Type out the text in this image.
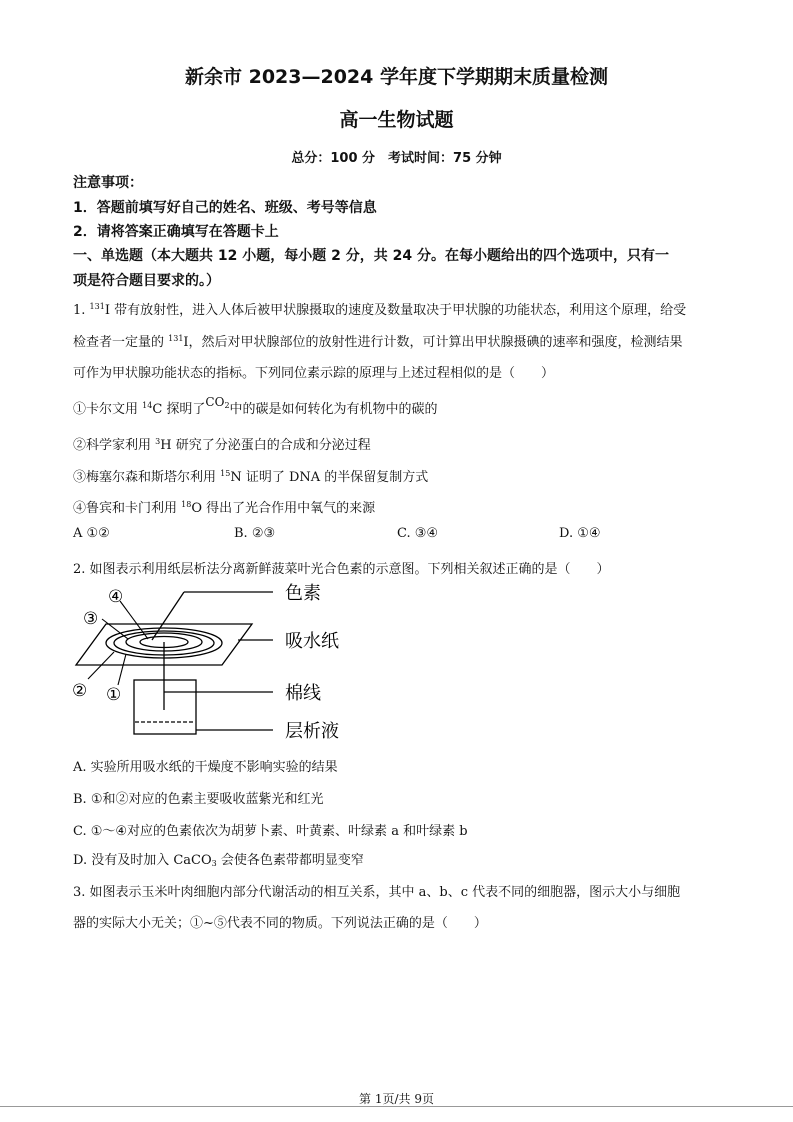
新余市 2023—2024 学年度下学期期末质量检测
高一生物试题
总分：100 分　考试时间：75 分钟
注意事项：
1．答题前填写好自己的姓名、班级、考号等信息
2．请将答案正确填写在答题卡上
一、单选题（本大题共 12 小题，每小题 2 分，共 24 分。在每小题给出的四个选项中，只有一
项是符合题目要求的。）
1. $^{131}$I 带有放射性，进入人体后被甲状腺摄取的速度及数量取决于甲状腺的功能状态，利用这个原理，给受
检查者一定量的 $^{131}$I，然后对甲状腺部位的放射性进行计数，可计算出甲状腺摄碘的速率和强度，检测结果
可作为甲状腺功能状态的指标。下列同位素示踪的原理与上述过程相似的是（　　）
①卡尔文用 $^{14}$C 探明了$CO_2$中的碳是如何转化为有机物中的碳的
②科学家利用 $^3$H 研究了分泌蛋白的合成和分泌过程
③梅塞尔森和斯塔尔利用 $^{15}$N 证明了 DNA 的半保留复制方式
④鲁宾和卡门利用 $^{18}$O 得出了光合作用中氧气的来源
A ①②	B. ②③	C. ③④	D. ①④
2. 如图表示利用纸层析法分离新鲜菠菜叶光合色素的示意图。下列相关叙述正确的是（　　）
色素
吸水纸
棉线
层析液
④
③
② ①
A. 实验所用吸水纸的干燥度不影响实验的结果
B. ①和②对应的色素主要吸收蓝紫光和红光
C. ①～④对应的色素依次为胡萝卜素、叶黄素、叶绿素 a 和叶绿素 b
D. 没有及时加入 CaCO$_3$ 会使各色素带都明显变窄
3. 如图表示玉米叶肉细胞内部分代谢活动的相互关系，其中 a、b、c 代表不同的细胞器，图示大小与细胞
器的实际大小无关；①~⑤代表不同的物质。下列说法正确的是（　　）
第 1页/共 9页
